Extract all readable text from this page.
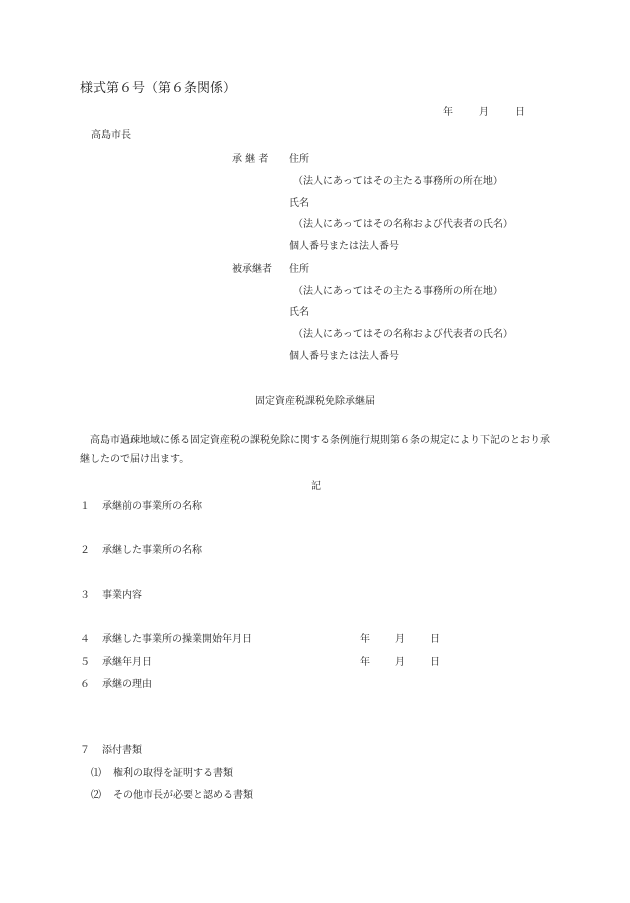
様式第６号（第６条関係）
年	月	日
高島市長
承 継 者 住所
（法人にあってはその主たる事務所の所在地）
氏名
（法人にあってはその名称および代表者の氏名）
個人番号または法人番号
被承継者 住所
（法人にあってはその主たる事務所の所在地）
氏名
（法人にあってはその名称および代表者の氏名）
個人番号または法人番号
固定資産税課税免除承継届
高島市過疎地域に係る固定資産税の課税免除に関する条例施行規則第６条の規定により下記のとおり承継したので届け出ます。
記
１ 承継前の事業所の名称
２ 承継した事業所の名称
３ 事業内容
４ 承継した事業所の操業開始年月日	年	月	日
５ 承継年月日	年	月	日
６ 承継の理由
７ 添付書類
⑴ 権利の取得を証明する書類
⑵ その他市長が必要と認める書類
